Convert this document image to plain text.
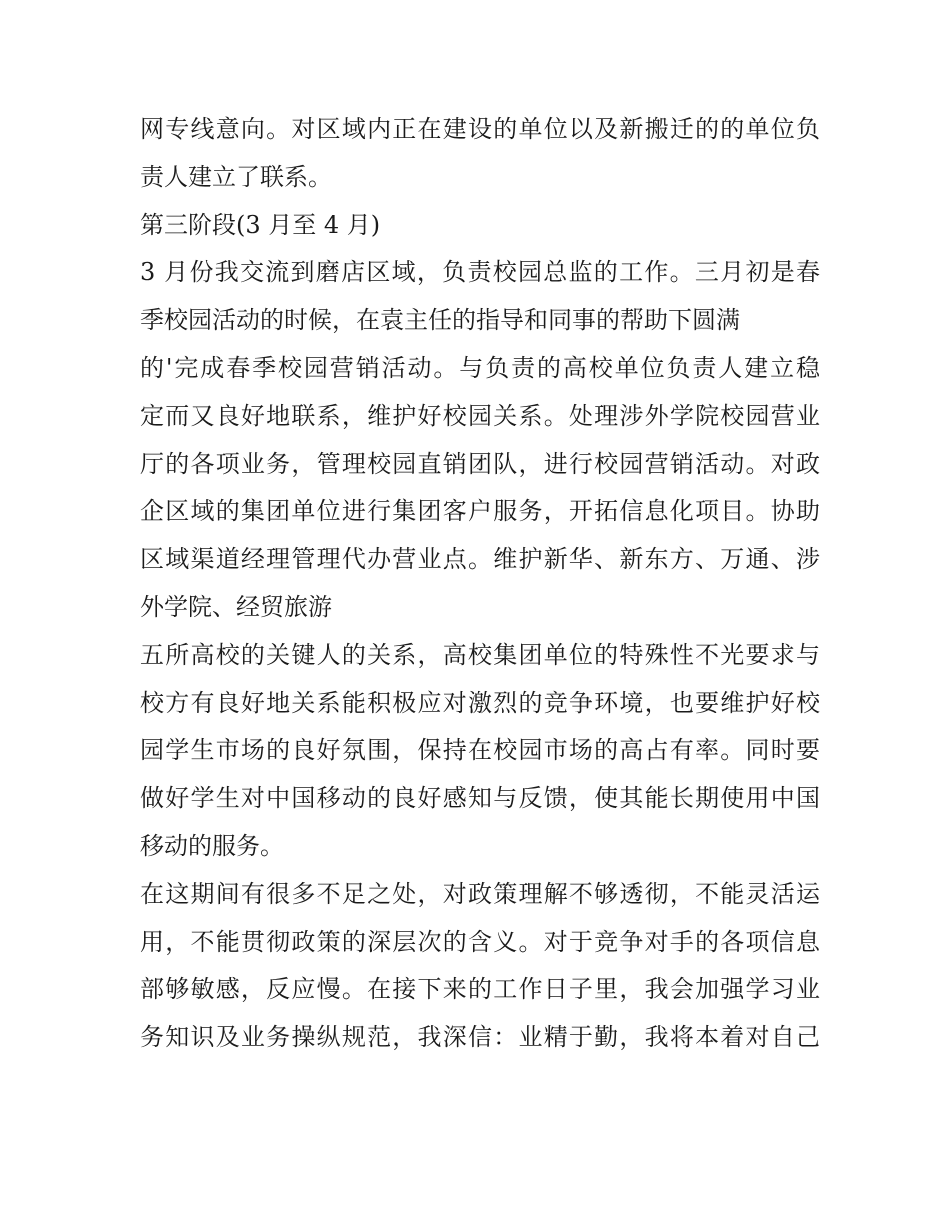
网专线意向。对区域内正在建设的单位以及新搬迁的的单位负
责人建立了联系。
第三阶段(3 月至 4 月)
3 月份我交流到磨店区域，负责校园总监的工作。三月初是春
季校园活动的时候，在袁主任的指导和同事的帮助下圆满
的'完成春季校园营销活动。与负责的高校单位负责人建立稳
定而又良好地联系，维护好校园关系。处理涉外学院校园营业
厅的各项业务，管理校园直销团队，进行校园营销活动。对政
企区域的集团单位进行集团客户服务，开拓信息化项目。协助
区域渠道经理管理代办营业点。维护新华、新东方、万通、涉
外学院、经贸旅游
五所高校的关键人的关系，高校集团单位的特殊性不光要求与
校方有良好地关系能积极应对激烈的竞争环境，也要维护好校
园学生市场的良好氛围，保持在校园市场的高占有率。同时要
做好学生对中国移动的良好感知与反馈，使其能长期使用中国
移动的服务。
在这期间有很多不足之处，对政策理解不够透彻，不能灵活运
用，不能贯彻政策的深层次的含义。对于竞争对手的各项信息
部够敏感，反应慢。在接下来的工作日子里，我会加强学习业
务知识及业务操纵规范，我深信：业精于勤，我将本着对自己
